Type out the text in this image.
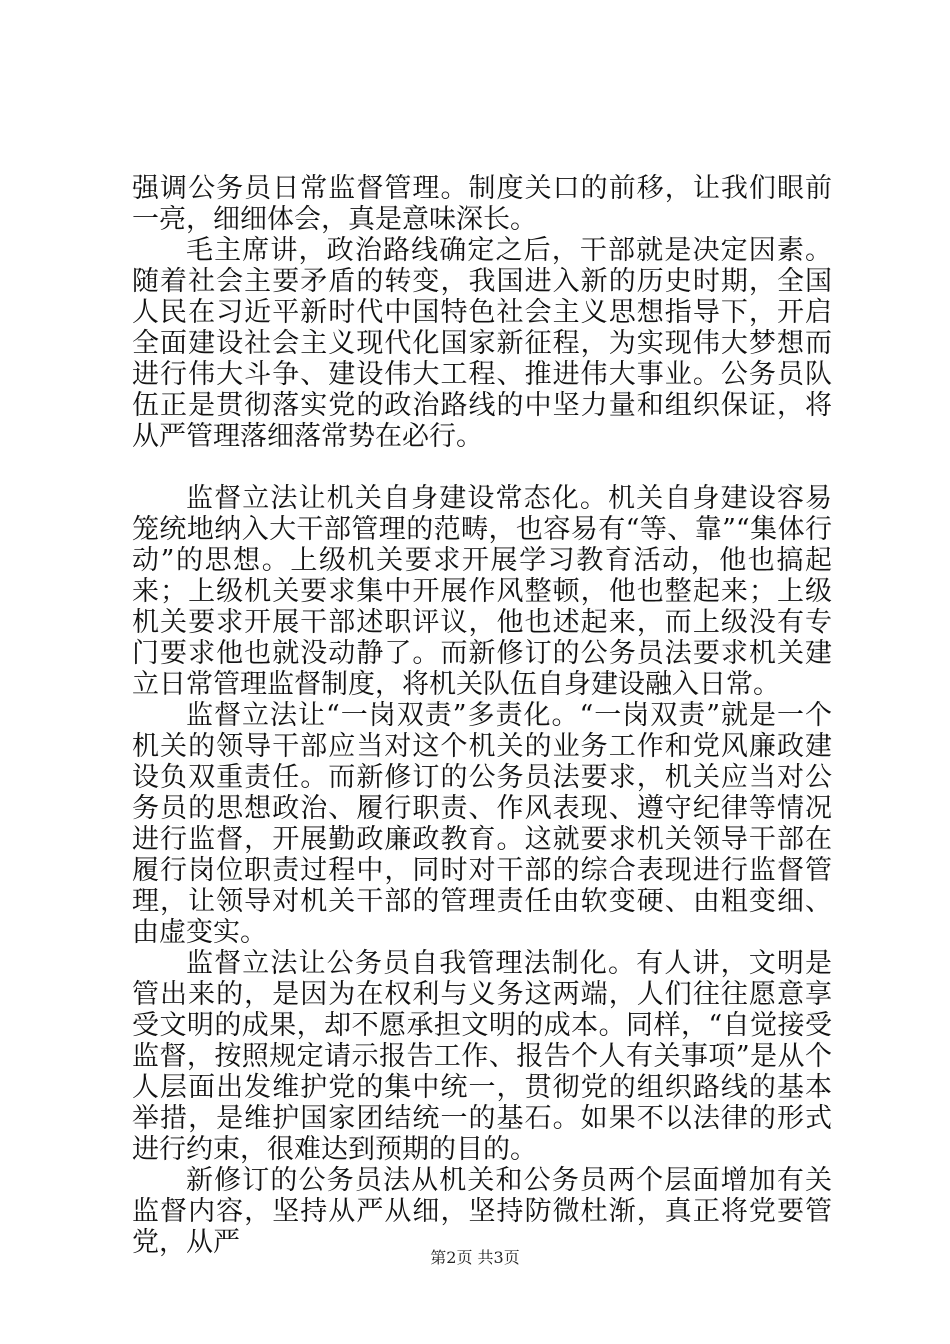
强调公务员日常监督管理。制度关口的前移，让我们眼前一亮，细细体会，真是意味深长。

毛主席讲，政治路线确定之后，干部就是决定因素。随着社会主要矛盾的转变，我国进入新的历史时期，全国人民在习近平新时代中国特色社会主义思想指导下，开启全面建设社会主义现代化国家新征程，为实现伟大梦想而进行伟大斗争、建设伟大工程、推进伟大事业。公务员队伍正是贯彻落实党的政治路线的中坚力量和组织保证，将从严管理落细落常势在必行。

监督立法让机关自身建设常态化。机关自身建设容易笼统地纳入大干部管理的范畴，也容易有“等、靠”“集体行动”的思想。上级机关要求开展学习教育活动，他也搞起来；上级机关要求集中开展作风整顿，他也整起来；上级机关要求开展干部述职评议，他也述起来，而上级没有专门要求他也就没动静了。而新修订的公务员法要求机关建立日常管理监督制度，将机关队伍自身建设融入日常。

监督立法让“一岗双责”多责化。“一岗双责”就是一个机关的领导干部应当对这个机关的业务工作和党风廉政建设负双重责任。而新修订的公务员法要求，机关应当对公务员的思想政治、履行职责、作风表现、遵守纪律等情况进行监督，开展勤政廉政教育。这就要求机关领导干部在履行岗位职责过程中，同时对干部的综合表现进行监督管理，让领导对机关干部的管理责任由软变硬、由粗变细、由虚变实。

监督立法让公务员自我管理法制化。有人讲，文明是管出来的，是因为在权利与义务这两端，人们往往愿意享受文明的成果，却不愿承担文明的成本。同样，“自觉接受监督，按照规定请示报告工作、报告个人有关事项”是从个人层面出发维护党的集中统一，贯彻党的组织路线的基本举措，是维护国家团结统一的基石。如果不以法律的形式进行约束，很难达到预期的目的。

新修订的公务员法从机关和公务员两个层面增加有关监督内容，坚持从严从细，坚持防微杜渐，真正将党要管党，从严	第2页 共3页
